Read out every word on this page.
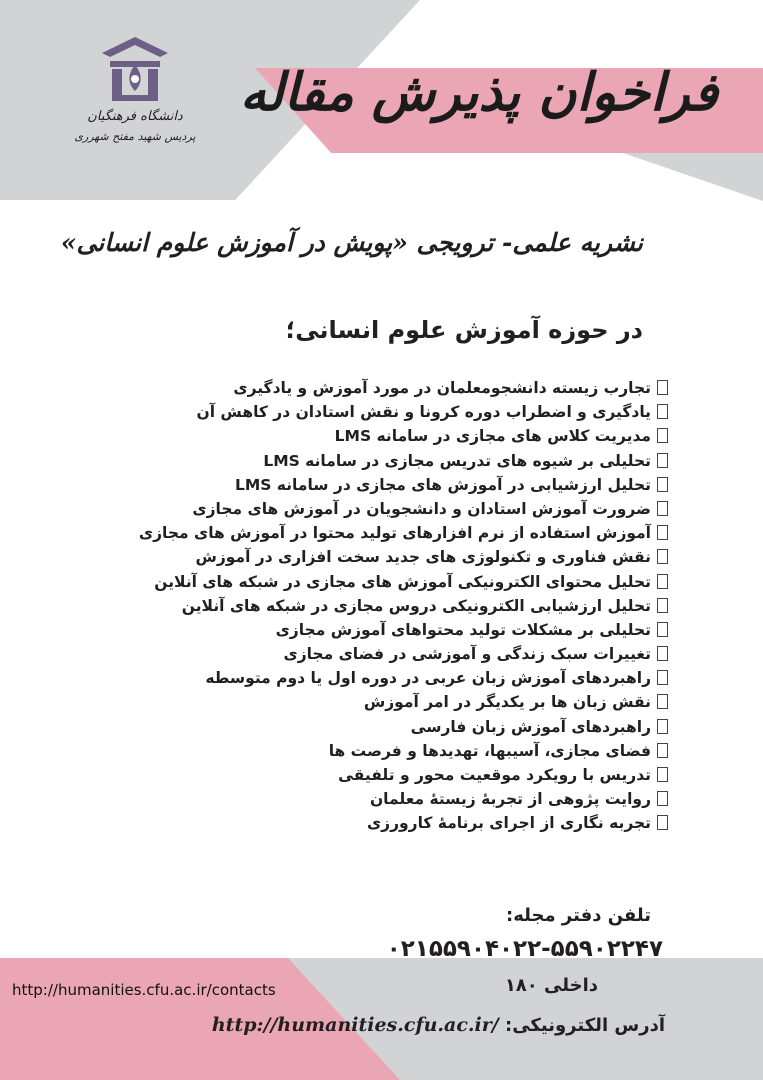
فراخوان پذیرش مقاله
دانشگاه فرهنگیان
پردیس شهید مفتح شهرری
نشریه علمی- ترویجی «پویش در آموزش علوم انسانی»
در حوزه آموزش علوم انسانی؛
تجارب زیسته دانشجومعلمان در مورد آموزش و یادگیری
یادگیری و اضطراب دوره کرونا و نقش استادان در کاهش آن
مدیریت کلاس های مجازی در سامانه LMS
تحلیلی بر شیوه های تدریس مجازی در سامانه LMS
تحلیل ارزشیابی در آموزش های مجازی در سامانه LMS
ضرورت آموزش استادان و دانشجویان در آموزش های مجازی
آموزش استفاده از نرم افزارهای تولید محتوا در آموزش های مجازی
نقش فناوری و تکنولوژی های جدید سخت افزاری در آموزش
تحلیل محتوای الکترونیکی آموزش های مجازی در شبکه های آنلاین
تحلیل ارزشیابی الکترونیکی دروس مجازی در شبکه های آنلاین
تحلیلی بر مشکلات تولید محتواهای آموزش مجازی
تغییرات سبک زندگی و آموزشی در فضای مجازی
راهبردهای آموزش زبان عربی در دوره اول یا دوم متوسطه
نقش زبان ها بر یکدیگر در امر آموزش
راهبردهای آموزش زبان فارسی
فضای مجازی، آسیبها، تهدیدها و فرصت ها
تدریس با رویکرد موقعیت محور و تلفیقی
روایت پژوهی از تجربۀ زیستۀ معلمان
تجربه نگاری از اجرای برنامۀ کارورزی

تلفن دفتر مجله:

۰۲۱۵۵۹۰۴۰۲۲-۵۵۹۰۲۲۴۷

داخلی ۱۸۰

http://humanities.cfu.ac.ir/contacts

آدرس الکترونیکی: http://humanities.cfu.ac.ir/
